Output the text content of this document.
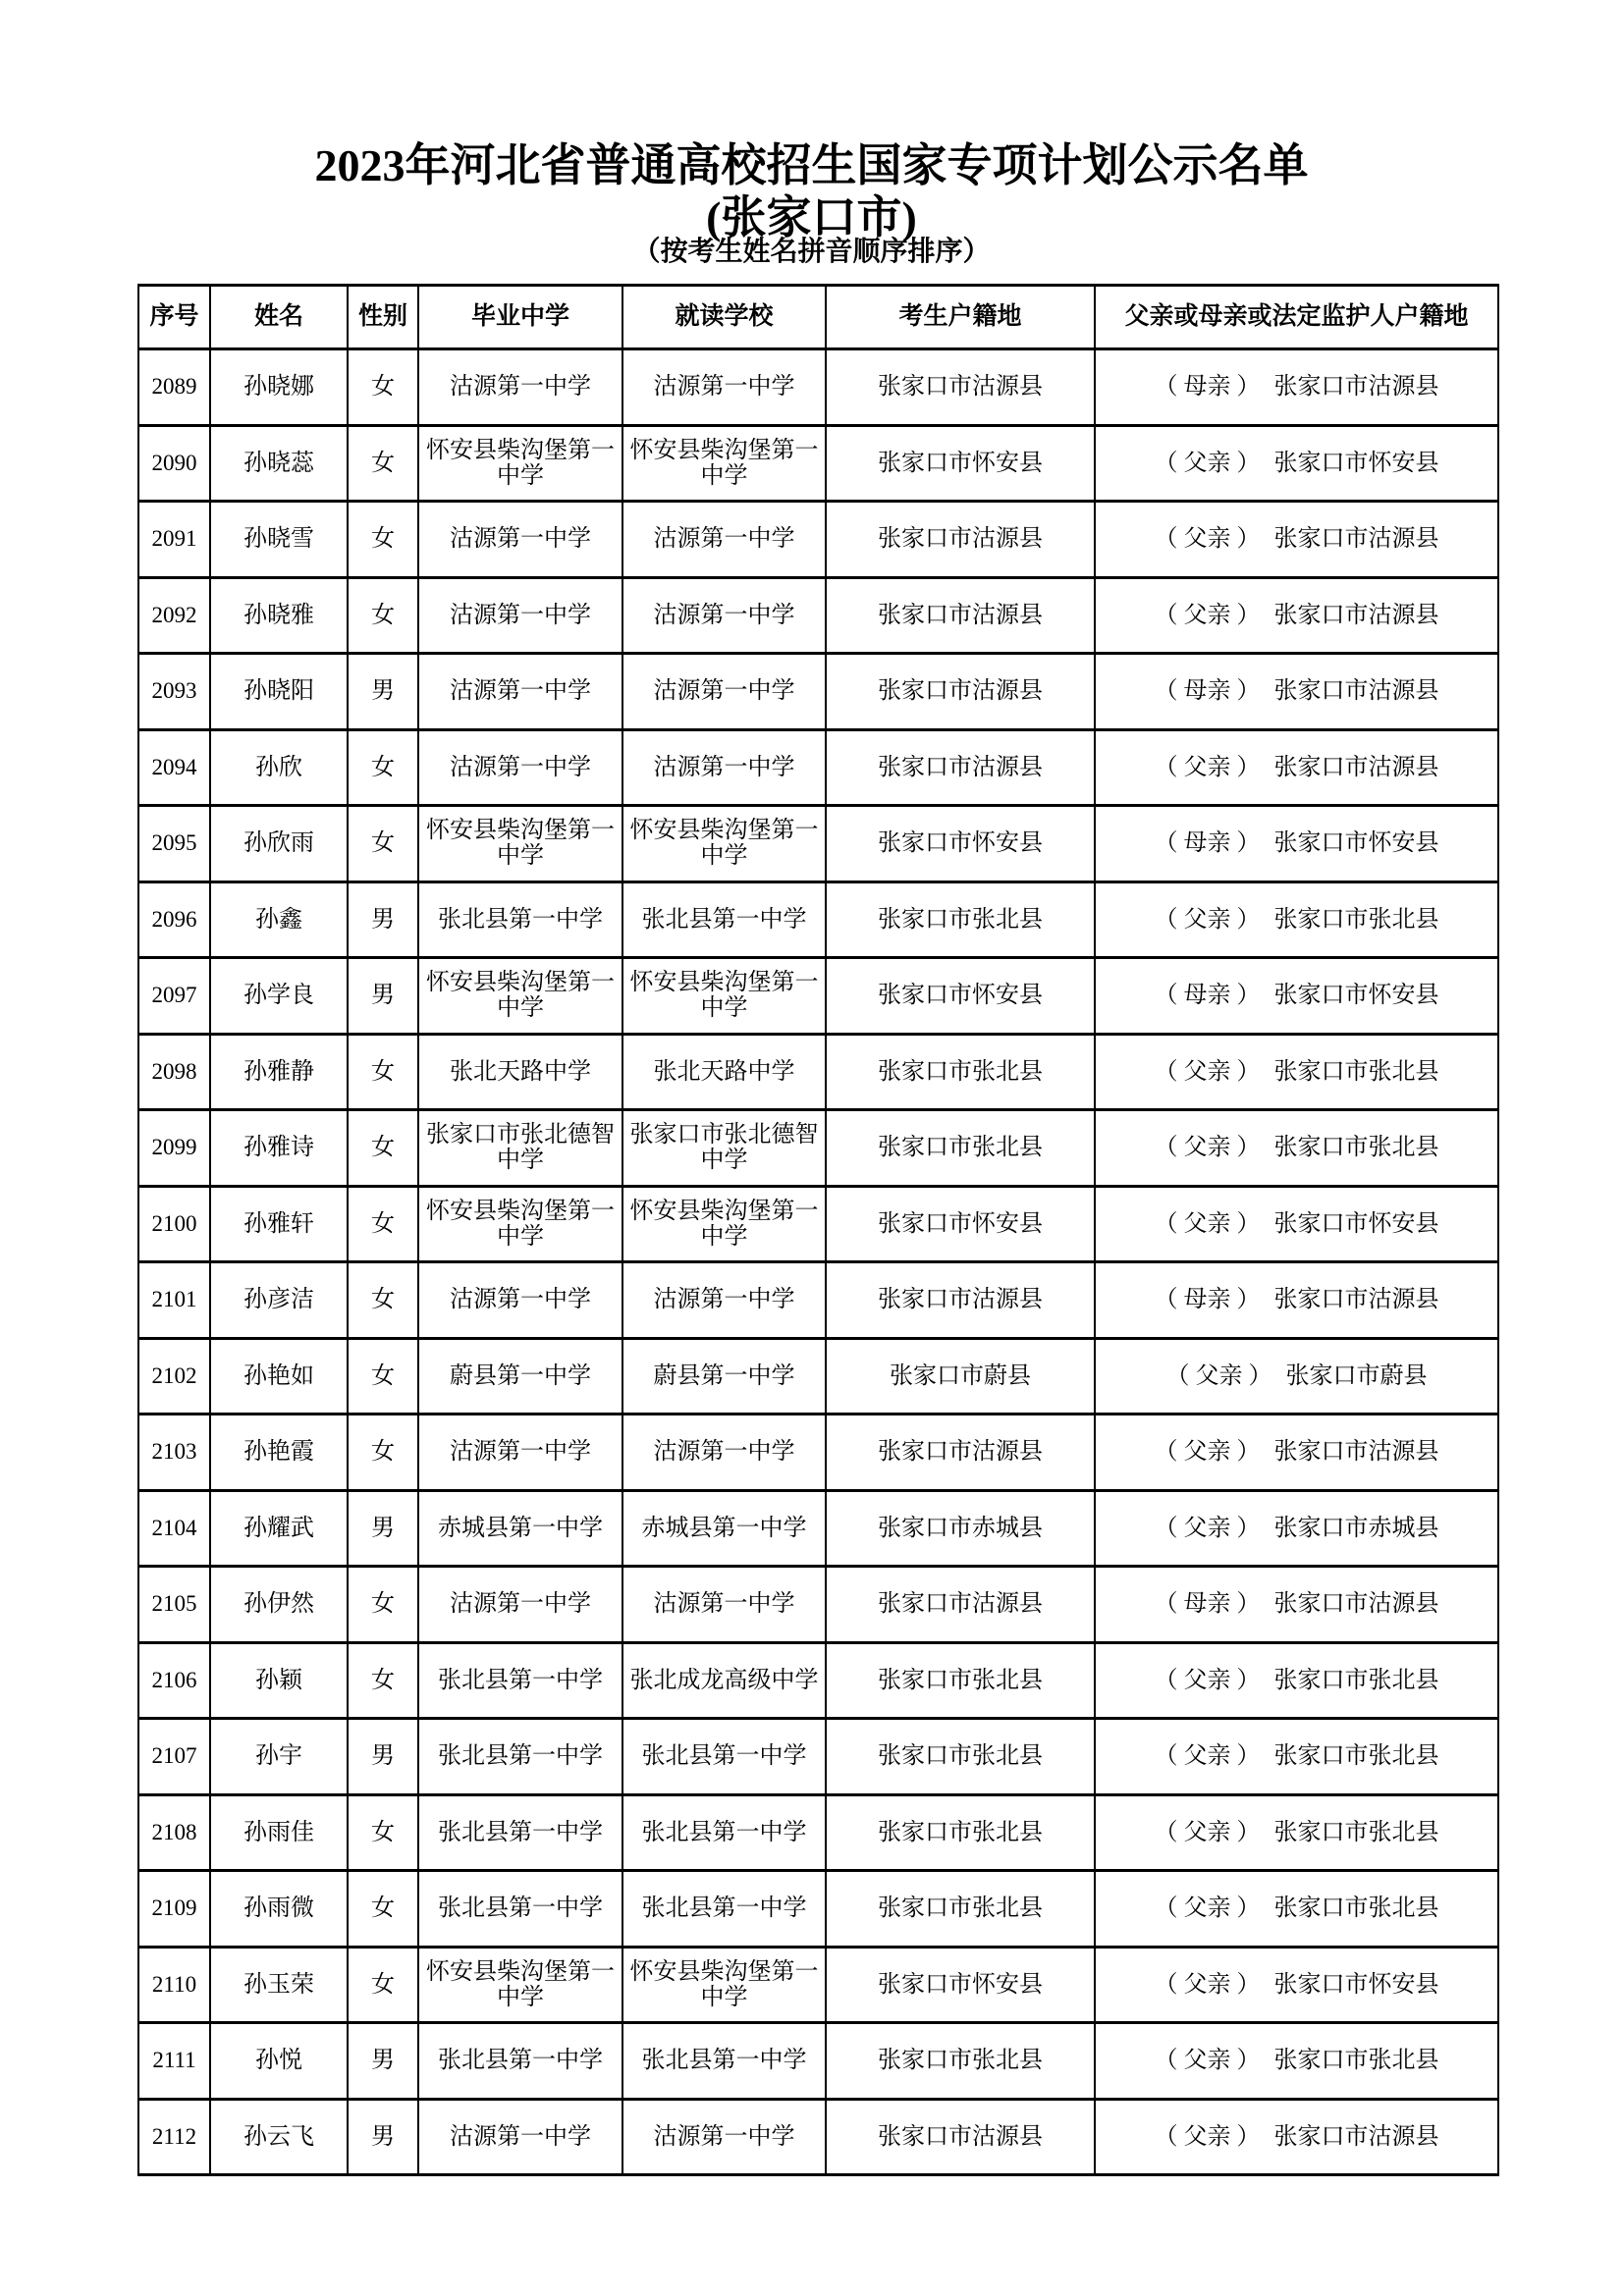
2023年河北省普通高校招生国家专项计划公示名单
(张家口市)
（按考生姓名拼音顺序排序）
序号	姓名	性别	毕业中学	就读学校	考生户籍地	父亲或母亲或法定监护人户籍地
2089	孙晓娜	女	沽源第一中学	沽源第一中学	张家口市沽源县	（ 母亲 ） 张家口市沽源县
2090	孙晓蕊	女	怀安县柴沟堡第一中学	怀安县柴沟堡第一中学	张家口市怀安县	（ 父亲 ） 张家口市怀安县
2091	孙晓雪	女	沽源第一中学	沽源第一中学	张家口市沽源县	（ 父亲 ） 张家口市沽源县
2092	孙晓雅	女	沽源第一中学	沽源第一中学	张家口市沽源县	（ 父亲 ） 张家口市沽源县
2093	孙晓阳	男	沽源第一中学	沽源第一中学	张家口市沽源县	（ 母亲 ） 张家口市沽源县
2094	孙欣	女	沽源第一中学	沽源第一中学	张家口市沽源县	（ 父亲 ） 张家口市沽源县
2095	孙欣雨	女	怀安县柴沟堡第一中学	怀安县柴沟堡第一中学	张家口市怀安县	（ 母亲 ） 张家口市怀安县
2096	孙鑫	男	张北县第一中学	张北县第一中学	张家口市张北县	（ 父亲 ） 张家口市张北县
2097	孙学良	男	怀安县柴沟堡第一中学	怀安县柴沟堡第一中学	张家口市怀安县	（ 母亲 ） 张家口市怀安县
2098	孙雅静	女	张北天路中学	张北天路中学	张家口市张北县	（ 父亲 ） 张家口市张北县
2099	孙雅诗	女	张家口市张北德智中学	张家口市张北德智中学	张家口市张北县	（ 父亲 ） 张家口市张北县
2100	孙雅轩	女	怀安县柴沟堡第一中学	怀安县柴沟堡第一中学	张家口市怀安县	（ 父亲 ） 张家口市怀安县
2101	孙彦洁	女	沽源第一中学	沽源第一中学	张家口市沽源县	（ 母亲 ） 张家口市沽源县
2102	孙艳如	女	蔚县第一中学	蔚县第一中学	张家口市蔚县	（ 父亲 ） 张家口市蔚县
2103	孙艳霞	女	沽源第一中学	沽源第一中学	张家口市沽源县	（ 父亲 ） 张家口市沽源县
2104	孙耀武	男	赤城县第一中学	赤城县第一中学	张家口市赤城县	（ 父亲 ） 张家口市赤城县
2105	孙伊然	女	沽源第一中学	沽源第一中学	张家口市沽源县	（ 母亲 ） 张家口市沽源县
2106	孙颖	女	张北县第一中学	张北成龙高级中学	张家口市张北县	（ 父亲 ） 张家口市张北县
2107	孙宇	男	张北县第一中学	张北县第一中学	张家口市张北县	（ 父亲 ） 张家口市张北县
2108	孙雨佳	女	张北县第一中学	张北县第一中学	张家口市张北县	（ 父亲 ） 张家口市张北县
2109	孙雨微	女	张北县第一中学	张北县第一中学	张家口市张北县	（ 父亲 ） 张家口市张北县
2110	孙玉荣	女	怀安县柴沟堡第一中学	怀安县柴沟堡第一中学	张家口市怀安县	（ 父亲 ） 张家口市怀安县
2111	孙悦	男	张北县第一中学	张北县第一中学	张家口市张北县	（ 父亲 ） 张家口市张北县
2112	孙云飞	男	沽源第一中学	沽源第一中学	张家口市沽源县	（ 父亲 ） 张家口市沽源县
